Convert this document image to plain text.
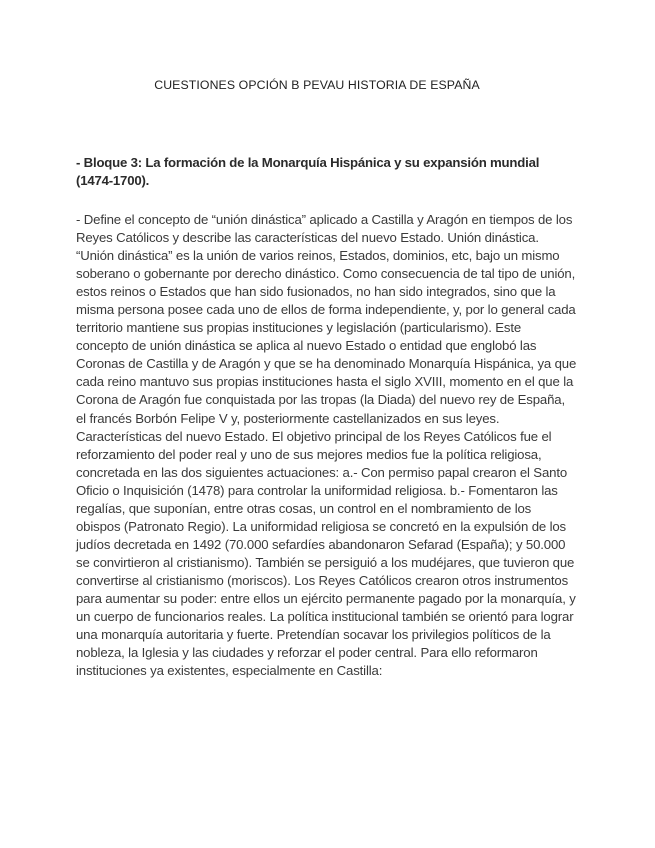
CUESTIONES OPCIÓN B PEVAU HISTORIA DE ESPAÑA
- Bloque 3: La formación de la Monarquía Hispánica y su expansión mundial
(1474-1700).
- Define el concepto de “unión dinástica” aplicado a Castilla y Aragón en tiempos de los
Reyes Católicos y describe las características del nuevo Estado. Unión dinástica.
“Unión dinástica” es la unión de varios reinos, Estados, dominios, etc, bajo un mismo
soberano o gobernante por derecho dinástico. Como consecuencia de tal tipo de unión,
estos reinos o Estados que han sido fusionados, no han sido integrados, sino que la
misma persona posee cada uno de ellos de forma independiente, y, por lo general cada
territorio mantiene sus propias instituciones y legislación (particularismo). Este
concepto de unión dinástica se aplica al nuevo Estado o entidad que englobó las
Coronas de Castilla y de Aragón y que se ha denominado Monarquía Hispánica, ya que
cada reino mantuvo sus propias instituciones hasta el siglo XVIII, momento en el que la
Corona de Aragón fue conquistada por las tropas (la Diada) del nuevo rey de España,
el francés Borbón Felipe V y, posteriormente castellanizados en sus leyes.
Características del nuevo Estado. El objetivo principal de los Reyes Católicos fue el
reforzamiento del poder real y uno de sus mejores medios fue la política religiosa,
concretada en las dos siguientes actuaciones: a.- Con permiso papal crearon el Santo
Oficio o Inquisición (1478) para controlar la uniformidad religiosa. b.- Fomentaron las
regalías, que suponían, entre otras cosas, un control en el nombramiento de los
obispos (Patronato Regio). La uniformidad religiosa se concretó en la expulsión de los
judíos decretada en 1492 (70.000 sefardíes abandonaron Sefarad (España); y 50.000
se convirtieron al cristianismo). También se persiguió a los mudéjares, que tuvieron que
convertirse al cristianismo (moriscos). Los Reyes Católicos crearon otros instrumentos
para aumentar su poder: entre ellos un ejército permanente pagado por la monarquía, y
un cuerpo de funcionarios reales. La política institucional también se orientó para lograr
una monarquía autoritaria y fuerte. Pretendían socavar los privilegios políticos de la
nobleza, la Iglesia y las ciudades y reforzar el poder central. Para ello reformaron
instituciones ya existentes, especialmente en Castilla:
